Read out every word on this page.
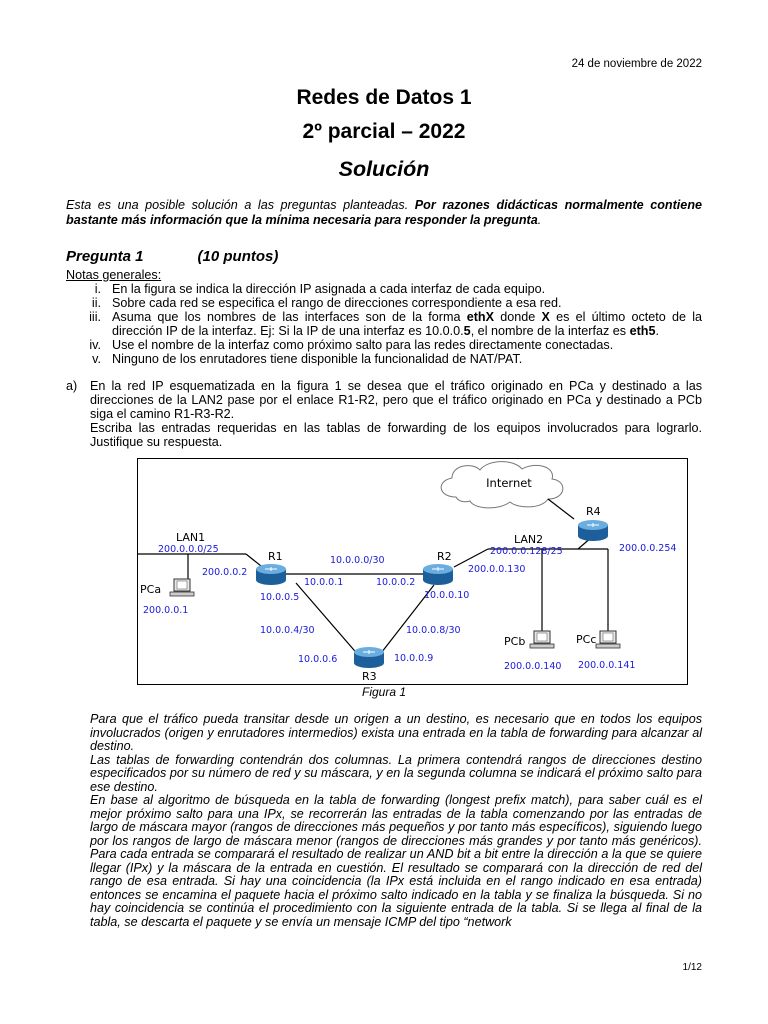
24 de noviembre de 2022
Redes de Datos 1
2º parcial – 2022
Solución
Esta es una posible solución a las preguntas planteadas. Por razones didácticas normalmente contiene bastante más información que la mínima necesaria para responder la pregunta.
Pregunta 1	(10 puntos)
Notas generales:
i. En la figura se indica la dirección IP asignada a cada interfaz de cada equipo.
ii. Sobre cada red se especifica el rango de direcciones correspondiente a esa red.
iii. Asuma que los nombres de las interfaces son de la forma ethX donde X es el último octeto de la dirección IP de la interfaz. Ej: Si la IP de una interfaz es 10.0.0.5, el nombre de la interfaz es eth5.
iv. Use el nombre de la interfaz como próximo salto para las redes directamente conectadas.
v. Ninguno de los enrutadores tiene disponible la funcionalidad de NAT/PAT.
a)	En la red IP esquematizada en la figura 1 se desea que el tráfico originado en PCa y destinado a las direcciones de la LAN2 pase por el enlace R1-R2, pero que el tráfico originado en PCa y destinado a PCb siga el camino R1-R3-R2.
Escriba las entradas requeridas en las tablas de forwarding de los equipos involucrados para lograrlo. Justifique su respuesta.
Internet
LAN1
R1	R2
R3
R4
LAN2
PCa
PCb	PCc
200.0.0.0/25
200.0.0.2
10.0.0.0/30
10.0.0.1	10.0.0.2
10.0.0.5	10.0.0.10
200.0.0.130
200.0.0.128/25	200.0.0.254
200.0.0.1
10.0.0.4/30	10.0.0.8/30
10.0.0.6	10.0.0.9
200.0.0.140 200.0.0.141
Figura 1

Para que el tráfico pueda transitar desde un origen a un destino, es necesario que en todos los equipos involucrados (origen y enrutadores intermedios) exista una entrada en la tabla de forwarding para alcanzar al destino.

Las tablas de forwarding contendrán dos columnas. La primera contendrá rangos de direcciones destino especificados por su número de red y su máscara, y en la segunda columna se indicará el próximo salto para ese destino.

En base al algoritmo de búsqueda en la tabla de forwarding (longest prefix match), para saber cuál es el mejor próximo salto para una IPx, se recorrerán las entradas de la tabla comenzando por las entradas de largo de máscara mayor (rangos de direcciones más pequeños y por tanto más específicos), siguiendo luego por los rangos de largo de máscara menor (rangos de direcciones más grandes y por tanto más genéricos). Para cada entrada se comparará el resultado de realizar un AND bit a bit entre la dirección a la que se quiere llegar (IPx) y la máscara de la entrada en cuestión. El resultado se comparará con la dirección de red del rango de esa entrada. Si hay una coincidencia (la IPx está incluida en el rango indicado en esa entrada) entonces se encamina el paquete hacia el próximo salto indicado en la tabla y se finaliza la búsqueda. Si no hay coincidencia se continúa el procedimiento con la siguiente entrada de la tabla. Si se llega al final de la tabla, se descarta el paquete y se envía un mensaje ICMP del tipo “network

1/12
